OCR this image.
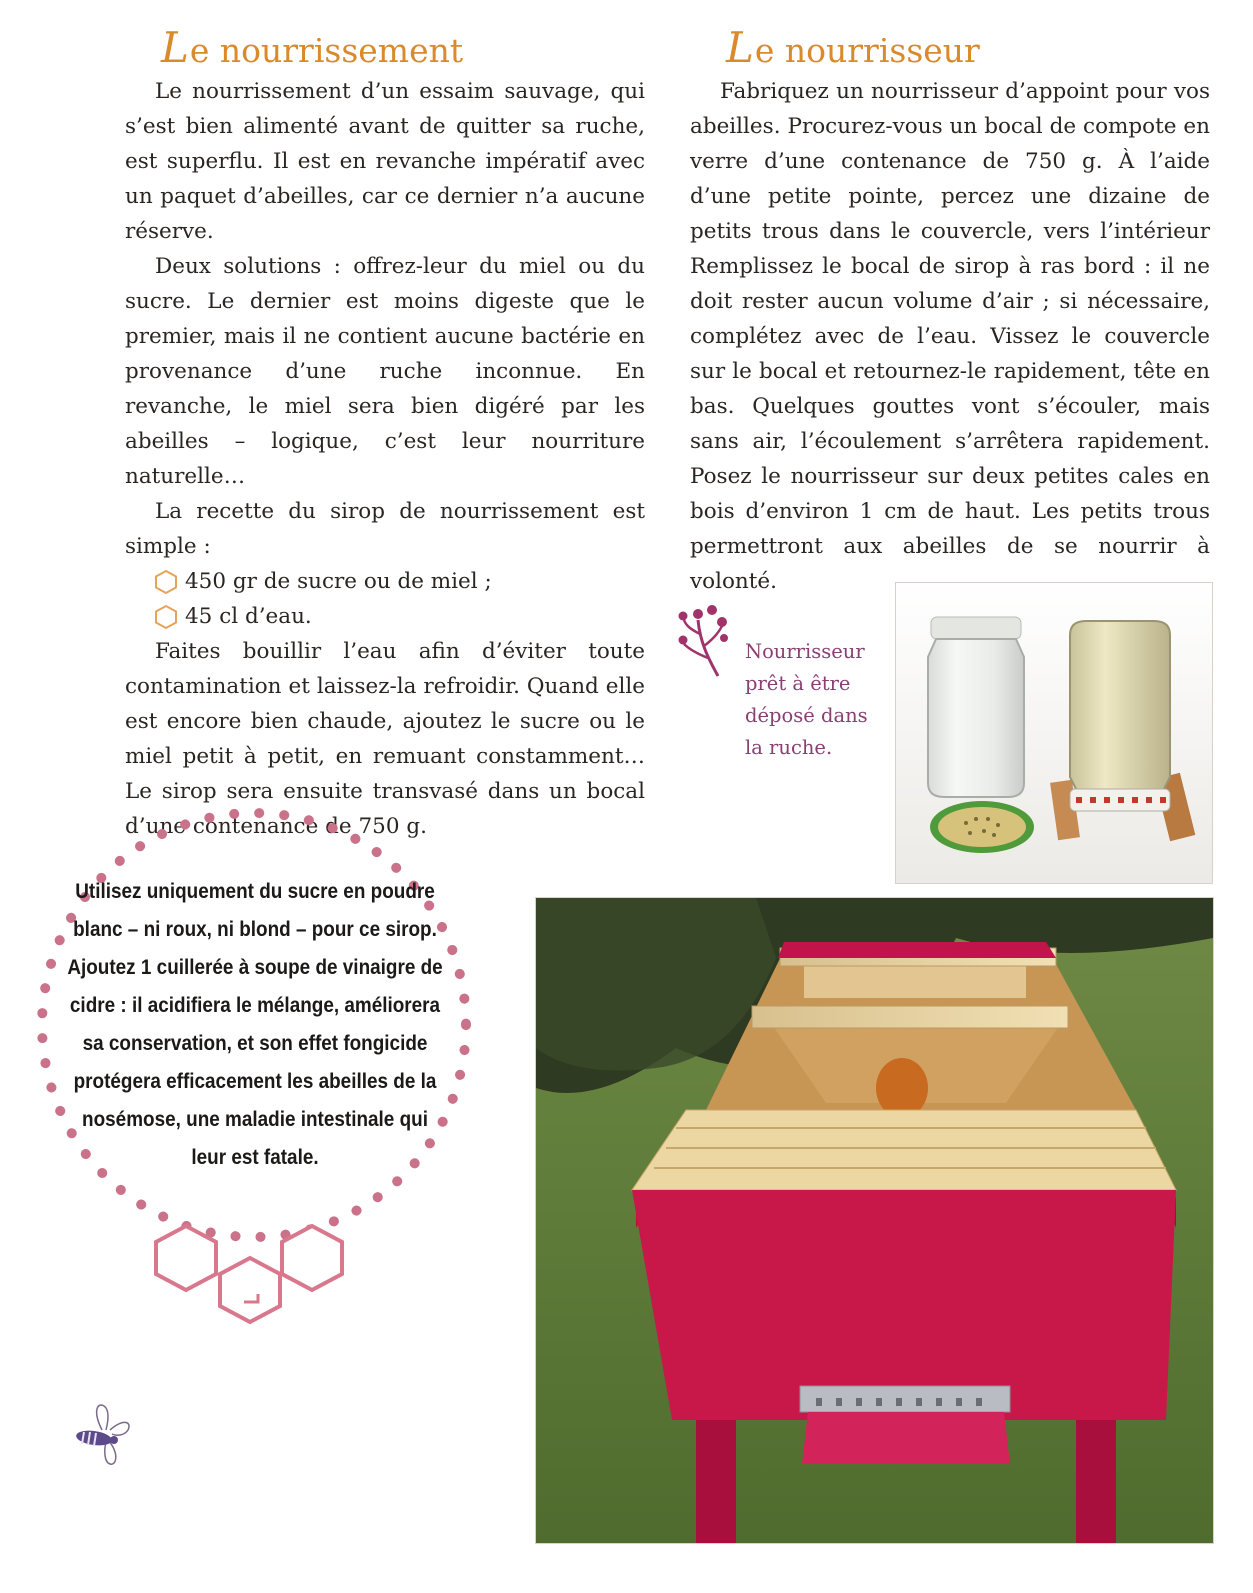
Le nourrissement

Le nourrissement d’un essaim sauvage, qui s’est bien alimenté avant de quitter sa ruche, est superflu. Il est en revanche impératif avec un paquet d’abeilles, car ce dernier n’a aucune réserve.

Deux solutions : offrez-leur du miel ou du sucre. Le dernier est moins digeste que le premier, mais il ne contient aucune bactérie en provenance d’une ruche inconnue. En revanche, le miel sera bien digéré par les abeilles – logique, c’est leur nourriture naturelle…

La recette du sirop de nourrissement est simple :

450 gr de sucre ou de miel ;
45 cl d’eau.

Faites bouillir l’eau afin d’éviter toute contamination et laissez-la refroidir. Quand elle est encore bien chaude, ajoutez le sucre ou le miel petit à petit, en remuant constamment… Le sirop sera ensuite transvasé dans un bocal d’une contenance de 750 g.

Le nourrisseur

Fabriquez un nourrisseur d’appoint pour vos abeilles. Procurez-vous un bocal de compote en verre d’une contenance de 750 g. À l’aide d’une petite pointe, percez une dizaine de petits trous dans le couvercle, vers l’intérieur Remplissez le bocal de sirop à ras bord : il ne doit rester aucun volume d’air ; si nécessaire, complétez avec de l’eau. Vissez le couvercle sur le bocal et retournez-le rapidement, tête en bas. Quelques gouttes vont s’écouler, mais sans air, l’écoulement s’arrêtera rapidement. Posez le nourrisseur sur deux petites cales en bois d’environ 1 cm de haut. Les petits trous permettront aux abeilles de se nourrir à volonté.

Nourrisseur prêt à être déposé dans la ruche.
Utilisez uniquement du sucre en poudre blanc – ni roux, ni blond – pour ce sirop. Ajoutez 1 cuillerée à soupe de vinaigre de cidre : il acidifiera le mélange, améliorera sa conservation, et son effet fongicide protégera efficacement les abeilles de la nosémose, une maladie intestinale qui leur est fatale.
